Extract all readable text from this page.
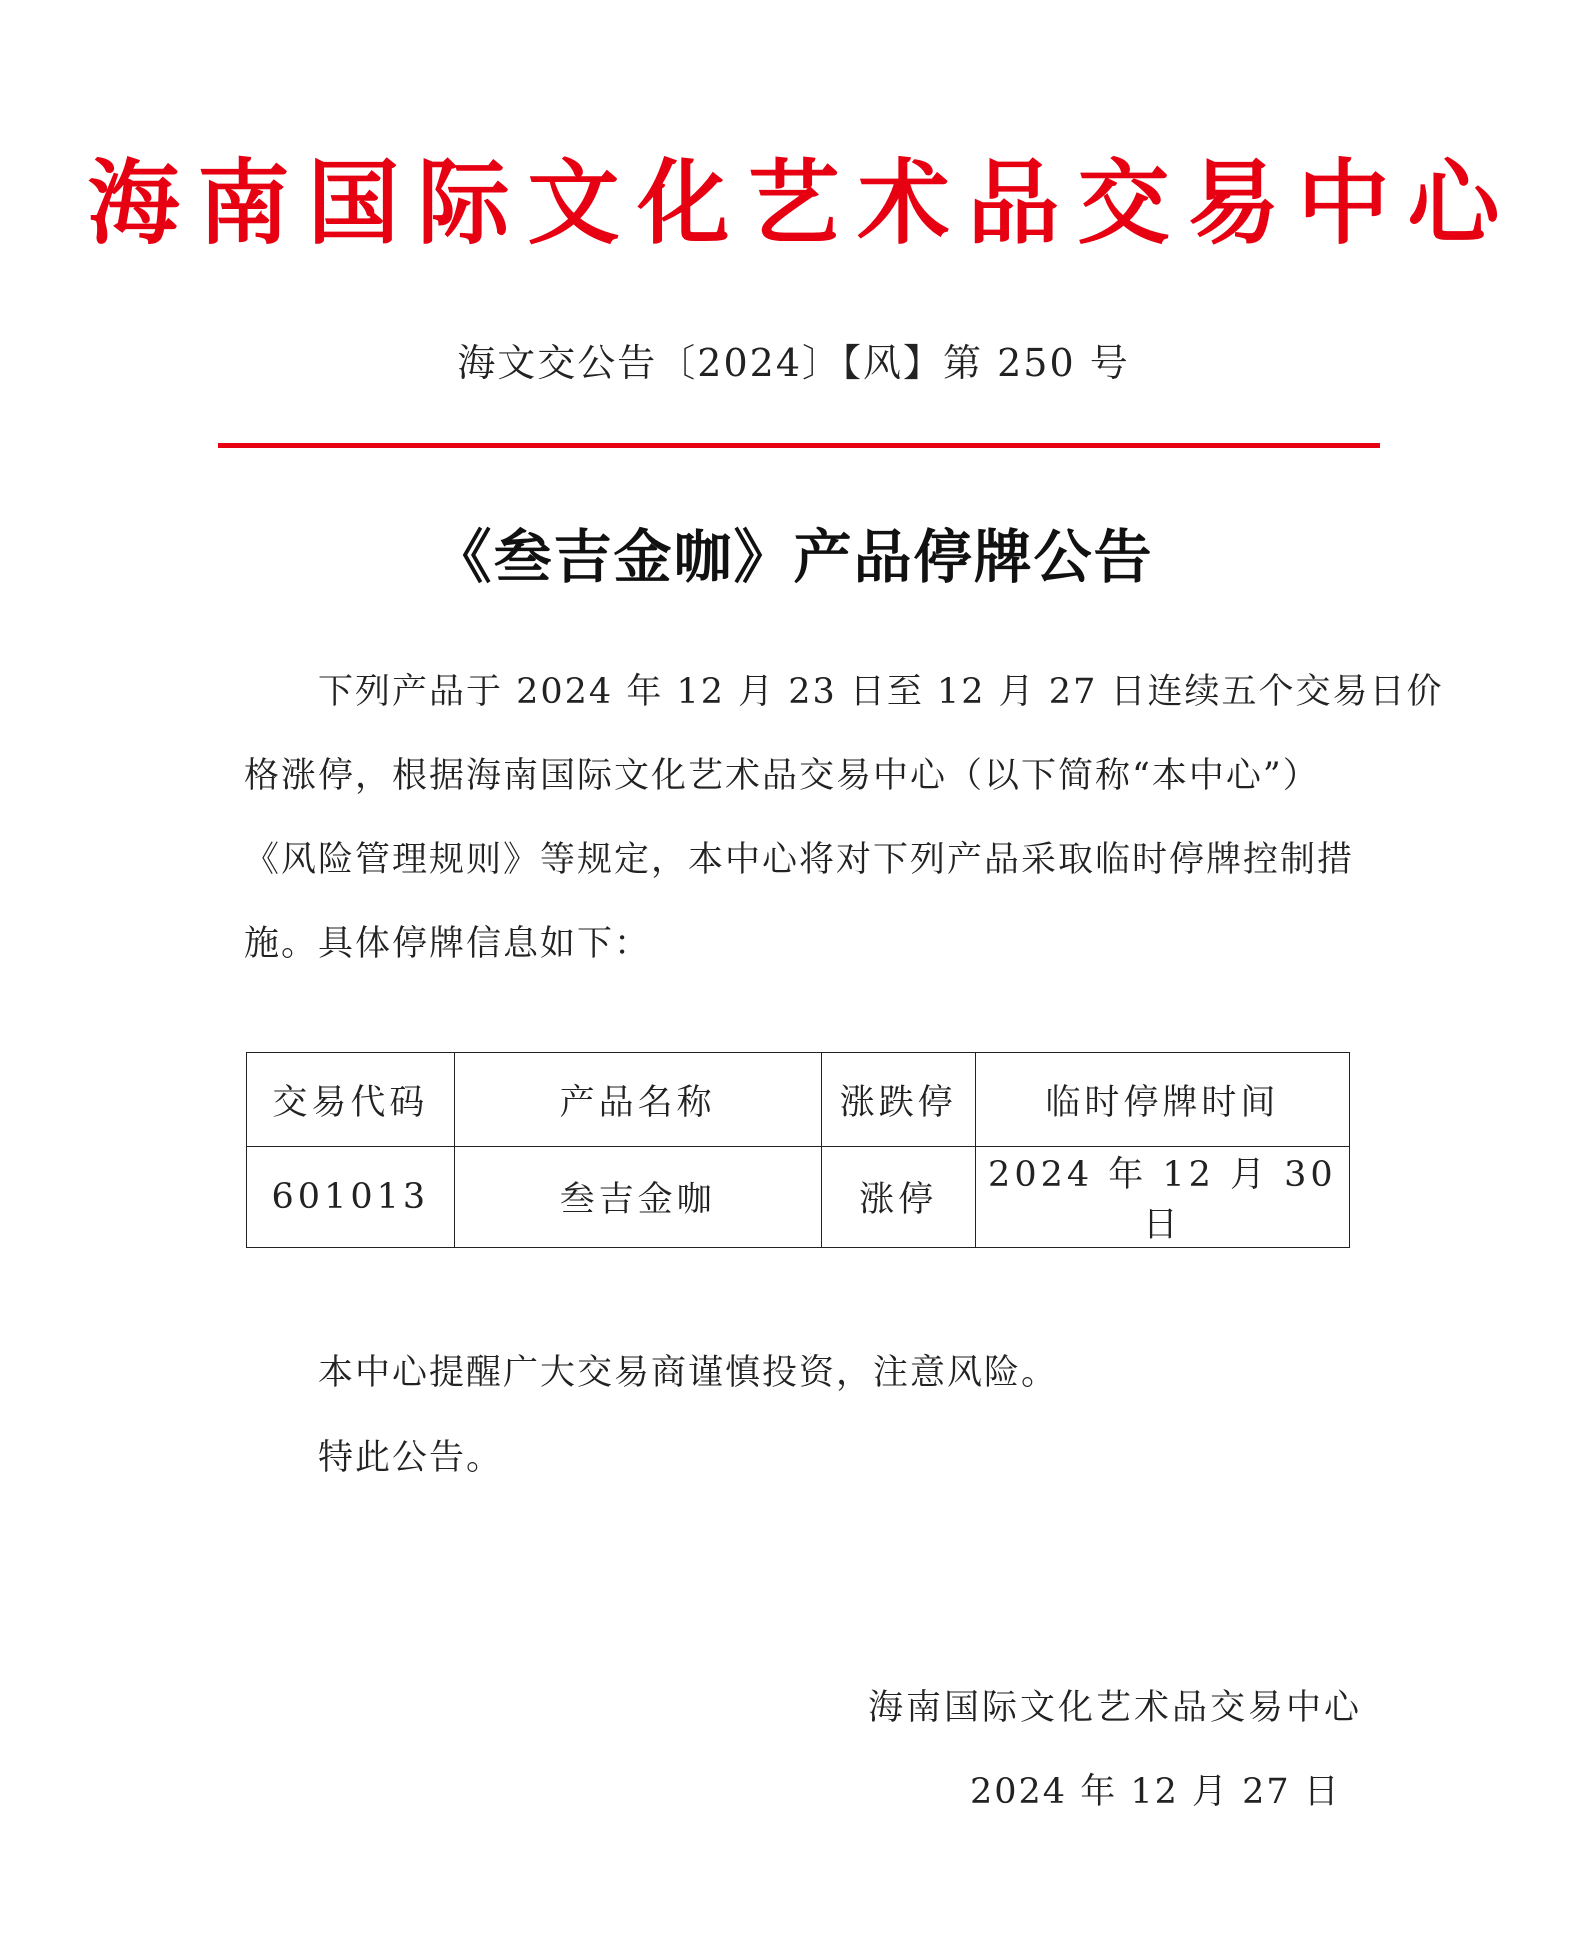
海南国际文化艺术品交易中心
海文交公告〔2024〕【风】第 250 号
《叁吉金咖》产品停牌公告
下列产品于 2024 年 12 月 23 日至 12 月 27 日连续五个交易日价
格涨停，根据海南国际文化艺术品交易中心（以下简称“本中心”）
《风险管理规则》等规定，本中心将对下列产品采取临时停牌控制措
施。具体停牌信息如下：
交易代码	产品名称	涨跌停	临时停牌时间
601013	叁吉金咖	涨停	2024 年 12 月 30 日
本中心提醒广大交易商谨慎投资，注意风险。
特此公告。
海南国际文化艺术品交易中心
2024 年 12 月 27 日
